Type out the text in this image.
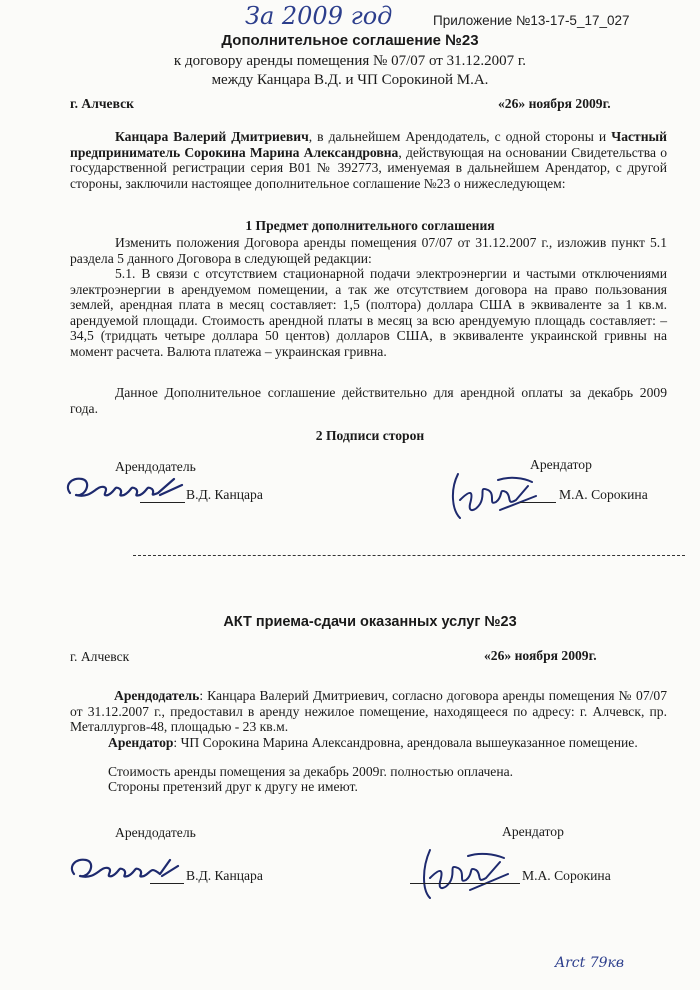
За 2009 год	Приложение №13-17-5_17_027
Дополнительное соглашение №23
к договору аренды помещения № 07/07 от 31.12.2007 г.
между Канцара В.Д. и ЧП Сорокиной М.А.
г. Алчевск	«26» ноября 2009г.
Канцара Валерий Дмитриевич, в дальнейшем Арендодатель, с одной стороны и Частный предприниматель Сорокина Марина Александровна, действующая на основании Свидетельства о государственной регистрации серия В01 № 392773, именуемая в дальнейшем Арендатор, с другой стороны, заключили настоящее дополнительное соглашение №23 о нижеследующем:
1 Предмет дополнительного соглашения
Изменить положения Договора аренды помещения 07/07 от 31.12.2007 г., изложив пункт 5.1 раздела 5 данного Договора в следующей редакции:
5.1. В связи с отсутствием стационарной подачи электроэнергии и частыми отключениями электроэнергии в арендуемом помещении, а так же отсутствием договора на право пользования землей, арендная плата в месяц составляет: 1,5 (полтора) доллара США в эквиваленте за 1 кв.м. арендуемой площади. Стоимость арендной платы в месяц за всю арендуемую площадь составляет: – 34,5 (тридцать четыре доллара 50 центов) долларов США, в эквиваленте украинской гривны на момент расчета. Валюта платежа – украинская гривна.
Данное Дополнительное соглашение действительно для арендной оплаты за декабрь 2009 года.
2 Подписи сторон
Арендодатель	Арендатор
В.Д. Канцара	М.А. Сорокина
АКТ приема-сдачи оказанных услуг №23
г. Алчевск	«26» ноября 2009г.
Арендодатель: Канцара Валерий Дмитриевич, согласно договора аренды помещения № 07/07 от 31.12.2007 г., предоставил в аренду нежилое помещение, находящееся по адресу: г. Алчевск, пр. Металлургов-48, площадью - 23 кв.м.
Арендатор: ЧП Сорокина Марина Александровна, арендовала вышеуказанное помещение.
Стоимость аренды помещения за декабрь 2009г. полностью оплачена.
Стороны претензий друг к другу не имеют.
Арендодатель	Арендатор
В.Д. Канцара	М.А. Сорокина
Arct 79кв
